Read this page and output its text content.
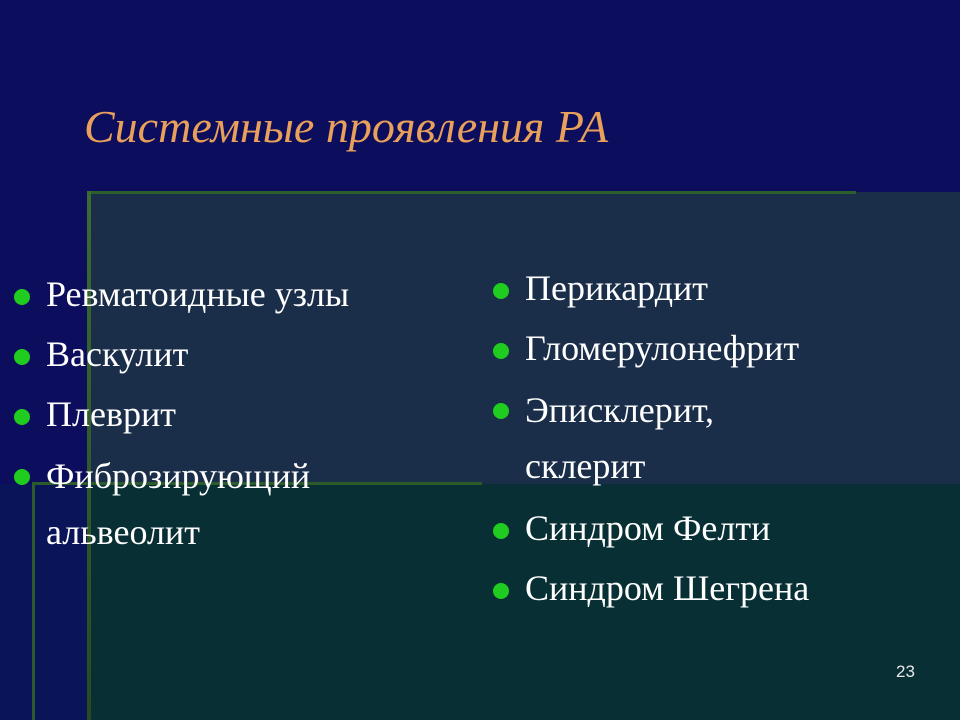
Системные проявления РА
Ревматоидные узлы
Васкулит
Плеврит
Фиброзирующий альвеолит
Перикардит
Гломерулонефрит
Эписклерит, склерит
Синдром Фелти
Синдром Шегрена
23
